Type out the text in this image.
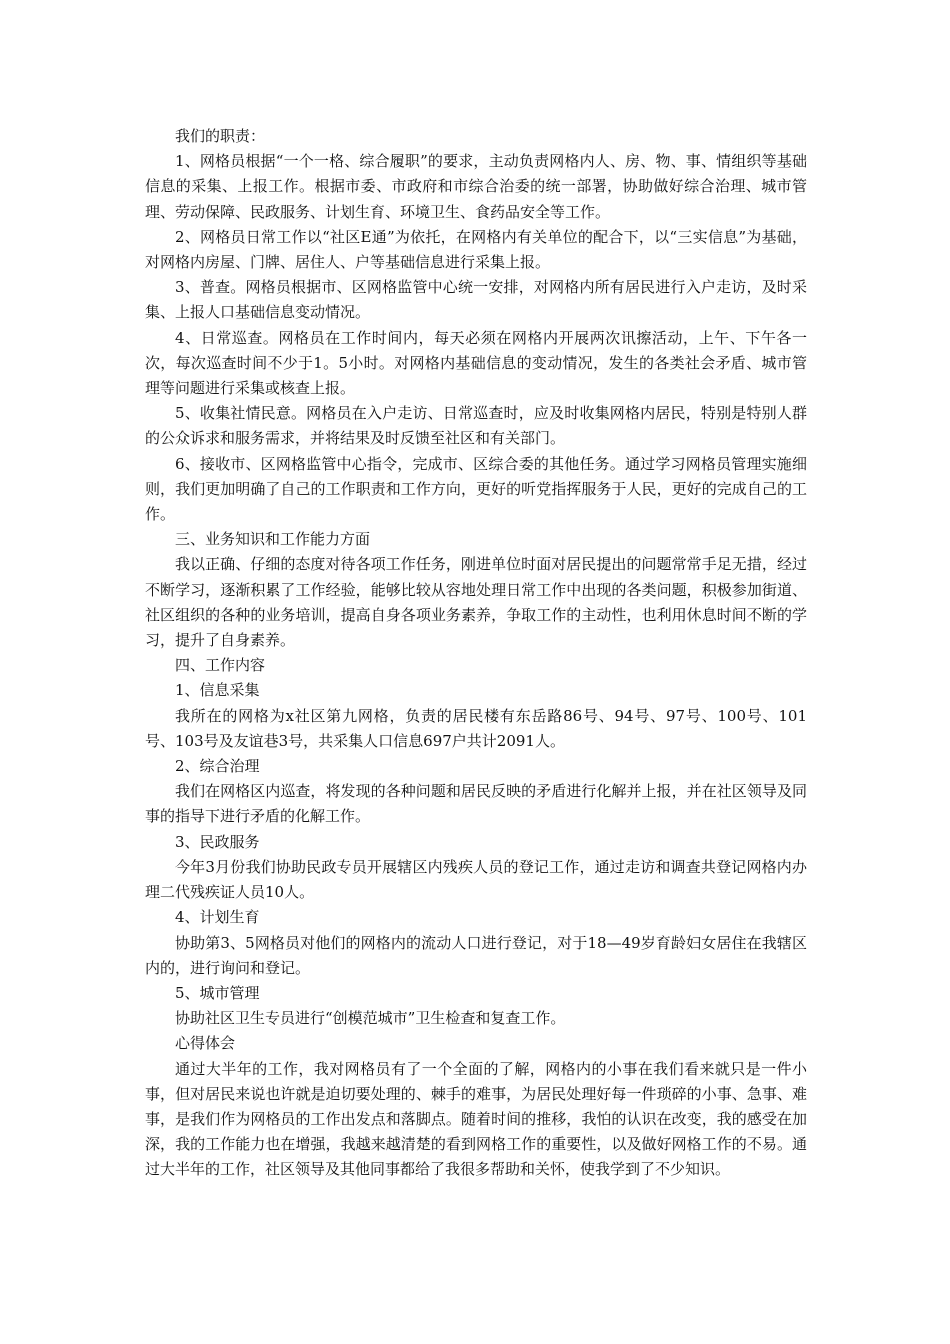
我们的职责：

1、网格员根据“一个一格、综合履职”的要求，主动负责网格内人、房、物、事、情组织等基础信息的采集、上报工作。根据市委、市政府和市综合治委的统一部署，协助做好综合治理、城市管理、劳动保障、民政服务、计划生育、环境卫生、食药品安全等工作。

2、网格员日常工作以“社区E通”为依托，在网格内有关单位的配合下，以“三实信息”为基础，对网格内房屋、门牌、居住人、户等基础信息进行采集上报。

3、普查。网格员根据市、区网格监管中心统一安排，对网格内所有居民进行入户走访，及时采集、上报人口基础信息变动情况。

4、日常巡查。网格员在工作时间内，每天必须在网格内开展两次讯擦活动，上午、下午各一次，每次巡查时间不少于1。5小时。对网格内基础信息的变动情况，发生的各类社会矛盾、城市管理等问题进行采集或核查上报。

5、收集社情民意。网格员在入户走访、日常巡查时，应及时收集网格内居民，特别是特别人群的公众诉求和服务需求，并将结果及时反馈至社区和有关部门。

6、接收市、区网格监管中心指令，完成市、区综合委的其他任务。通过学习网格员管理实施细则，我们更加明确了自己的工作职责和工作方向，更好的听党指挥服务于人民，更好的完成自己的工作。

三、业务知识和工作能力方面

我以正确、仔细的态度对待各项工作任务，刚进单位时面对居民提出的问题常常手足无措，经过不断学习，逐渐积累了工作经验，能够比较从容地处理日常工作中出现的各类问题，积极参加街道、社区组织的各种的业务培训，提高自身各项业务素养，争取工作的主动性，也利用休息时间不断的学习，提升了自身素养。

四、工作内容

1、信息采集

我所在的网格为x社区第九网格，负责的居民楼有东岳路86号、94号、97号、100号、101号、103号及友谊巷3号，共采集人口信息697户共计2091人。

2、综合治理

我们在网格区内巡查，将发现的各种问题和居民反映的矛盾进行化解并上报，并在社区领导及同事的指导下进行矛盾的化解工作。

3、民政服务

今年3月份我们协助民政专员开展辖区内残疾人员的登记工作，通过走访和调查共登记网格内办理二代残疾证人员10人。

4、计划生育

协助第3、5网格员对他们的网格内的流动人口进行登记，对于18—49岁育龄妇女居住在我辖区内的，进行询问和登记。

5、城市管理

协助社区卫生专员进行“创模范城市”卫生检查和复查工作。

心得体会

通过大半年的工作，我对网格员有了一个全面的了解，网格内的小事在我们看来就只是一件小事，但对居民来说也许就是迫切要处理的、棘手的难事，为居民处理好每一件琐碎的小事、急事、难事，是我们作为网格员的工作出发点和落脚点。随着时间的推移，我怕的认识在改变，我的感受在加深，我的工作能力也在增强，我越来越清楚的看到网格工作的重要性，以及做好网格工作的不易。通过大半年的工作，社区领导及其他同事都给了我很多帮助和关怀，使我学到了不少知识。
